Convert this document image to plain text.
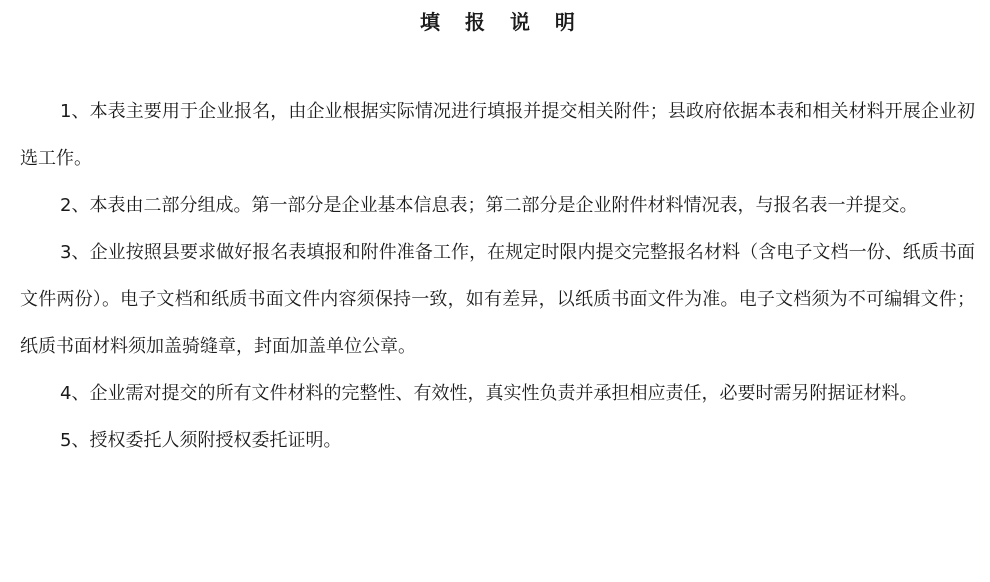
填 报 说 明

1、本表主要用于企业报名，由企业根据实际情况进行填报并提交相关附件；县政府依据本表和相关材料开展企业初选工作。

2、本表由二部分组成。第一部分是企业基本信息表；第二部分是企业附件材料情况表，与报名表一并提交。

3、企业按照县要求做好报名表填报和附件准备工作，在规定时限内提交完整报名材料（含电子文档一份、纸质书面文件两份）。电子文档和纸质书面文件内容须保持一致，如有差异，以纸质书面文件为准。电子文档须为不可编辑文件；纸质书面材料须加盖骑缝章，封面加盖单位公章。

4、企业需对提交的所有文件材料的完整性、有效性，真实性负责并承担相应责任，必要时需另附据证材料。

5、授权委托人须附授权委托证明。
